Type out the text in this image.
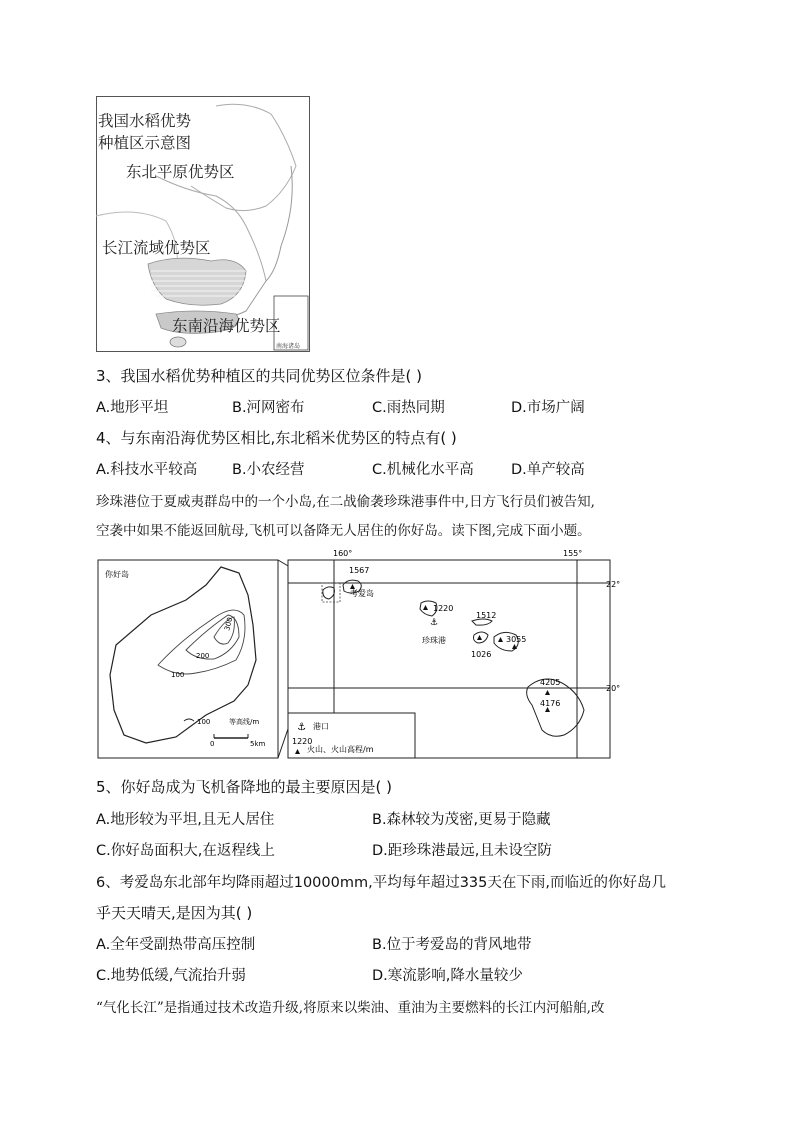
南海诸岛
我国水稻优势
种植区示意图
东北平原优势区
长江流域优势区
东南沿海优势区
3、我国水稻优势种植区的共同优势区位条件是( )
A.地形平坦	B.河网密布	C.雨热同期	D.市场广阔
4、与东南沿海优势区相比,东北稻米优势区的特点有( )
A.科技水平较高 B.小农经营	C.机械化水平高	D.单产较高
珍珠港位于夏威夷群岛中的一个小岛,在二战偷袭珍珠港事件中,日方飞行员们被告知,
空袭中如果不能返回航母,飞机可以备降无人居住的你好岛。读下图,完成下面小题。
你好岛
300
200
100
100	等高线/m
0	5km
160°	155°
22°
20°
1567
考爱岛
1220
⚓
珍珠港
1512
3055
1026
4205
4176
⚓ 港口
1220
火山、火山高程/m
5、你好岛成为飞机备降地的最主要原因是( )
A.地形较为平坦,且无人居住	B.森林较为茂密,更易于隐藏
C.你好岛面积大,在返程线上	D.距珍珠港最远,且未设空防
6、考爱岛东北部年均降雨超过10000mm,平均每年超过335天在下雨,而临近的你好岛几
乎天天晴天,是因为其( )
A.全年受副热带高压控制	B.位于考爱岛的背风地带
C.地势低缓,气流抬升弱	D.寒流影响,降水量较少
“气化长江”是指通过技术改造升级,将原来以柴油、重油为主要燃料的长江内河船舶,改
